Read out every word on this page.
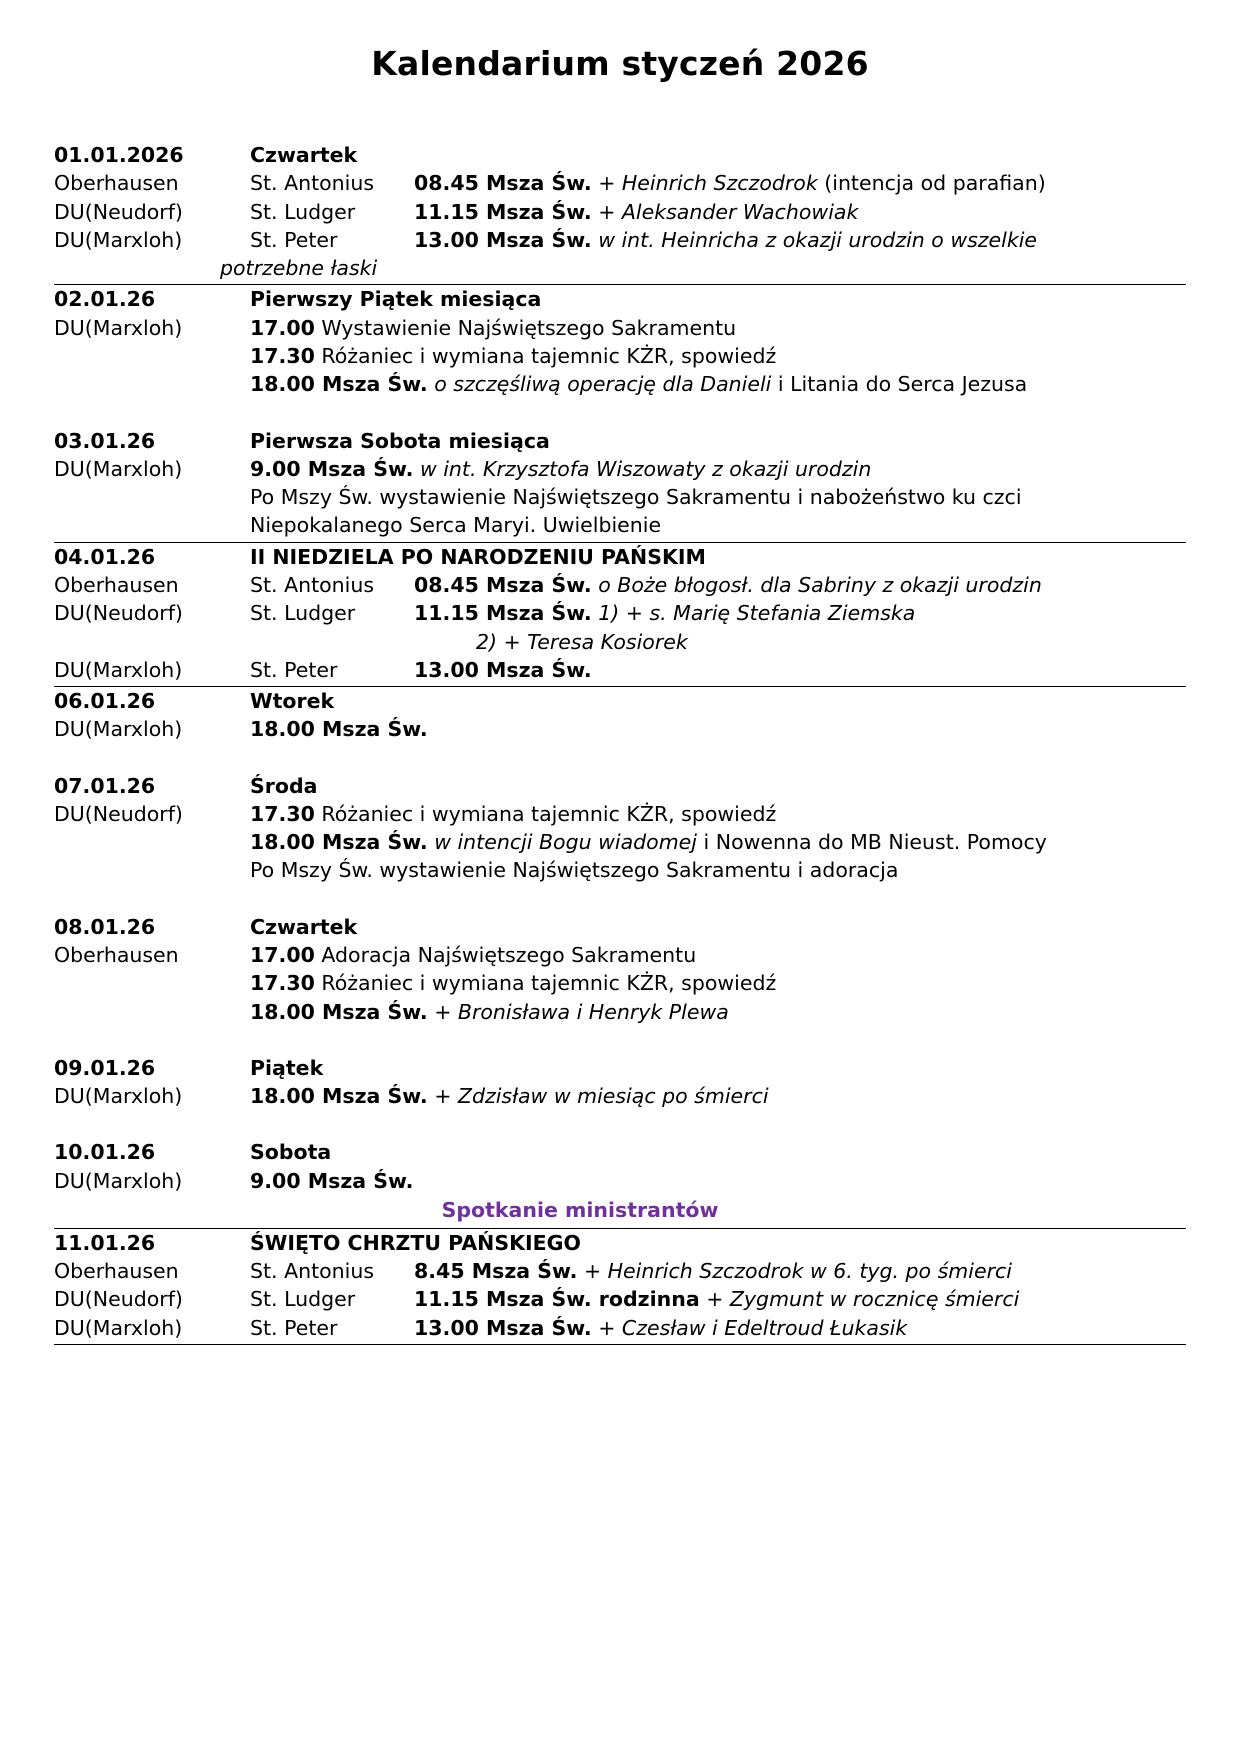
Kalendarium styczeń 2026
01.01.2026	Czwartek
Oberhausen	St. Antonius	08.45 Msza Św. + Heinrich Szczodrok (intencja od parafian)
DU(Neudorf)	St. Ludger	11.15 Msza Św. + Aleksander Wachowiak
DU(Marxloh)	St. Peter	13.00 Msza Św. w int. Heinricha z okazji urodzin o wszelkie
potrzebne łaski
02.01.26	Pierwszy Piątek miesiąca
DU(Marxloh)	17.00 Wystawienie Najświętszego Sakramentu
17.30 Różaniec i wymiana tajemnic KŻR, spowiedź
18.00 Msza Św. o szczęśliwą operację dla Danieli i Litania do Serca Jezusa
03.01.26	Pierwsza Sobota miesiąca
DU(Marxloh)	9.00 Msza Św. w int. Krzysztofa Wiszowaty z okazji urodzin
Po Mszy Św. wystawienie Najświętszego Sakramentu i nabożeństwo ku czci
Niepokalanego Serca Maryi. Uwielbienie
04.01.26	II NIEDZIELA PO NARODZENIU PAŃSKIM
Oberhausen	St. Antonius	08.45 Msza Św. o Boże błogosł. dla Sabriny z okazji urodzin
DU(Neudorf)	St. Ludger	11.15 Msza Św. 1) + s. Marię Stefania Ziemska
2) + Teresa Kosiorek
DU(Marxloh)	St. Peter	13.00 Msza Św.
06.01.26	Wtorek
DU(Marxloh)	18.00 Msza Św.
07.01.26	Środa
DU(Neudorf)	17.30 Różaniec i wymiana tajemnic KŻR, spowiedź
18.00 Msza Św. w intencji Bogu wiadomej i Nowenna do MB Nieust. Pomocy
Po Mszy Św. wystawienie Najświętszego Sakramentu i adoracja
08.01.26	Czwartek
Oberhausen	17.00 Adoracja Najświętszego Sakramentu
17.30 Różaniec i wymiana tajemnic KŻR, spowiedź
18.00 Msza Św. + Bronisława i Henryk Plewa
09.01.26	Piątek
DU(Marxloh)	18.00 Msza Św. + Zdzisław w miesiąc po śmierci
10.01.26	Sobota
DU(Marxloh)	9.00 Msza Św.
Spotkanie ministrantów
11.01.26	ŚWIĘTO CHRZTU PAŃSKIEGO
Oberhausen	St. Antonius	8.45 Msza Św. + Heinrich Szczodrok w 6. tyg. po śmierci
DU(Neudorf)	St. Ludger	11.15 Msza Św. rodzinna + Zygmunt w rocznicę śmierci
DU(Marxloh)	St. Peter	13.00 Msza Św. + Czesław i Edeltroud Łukasik
